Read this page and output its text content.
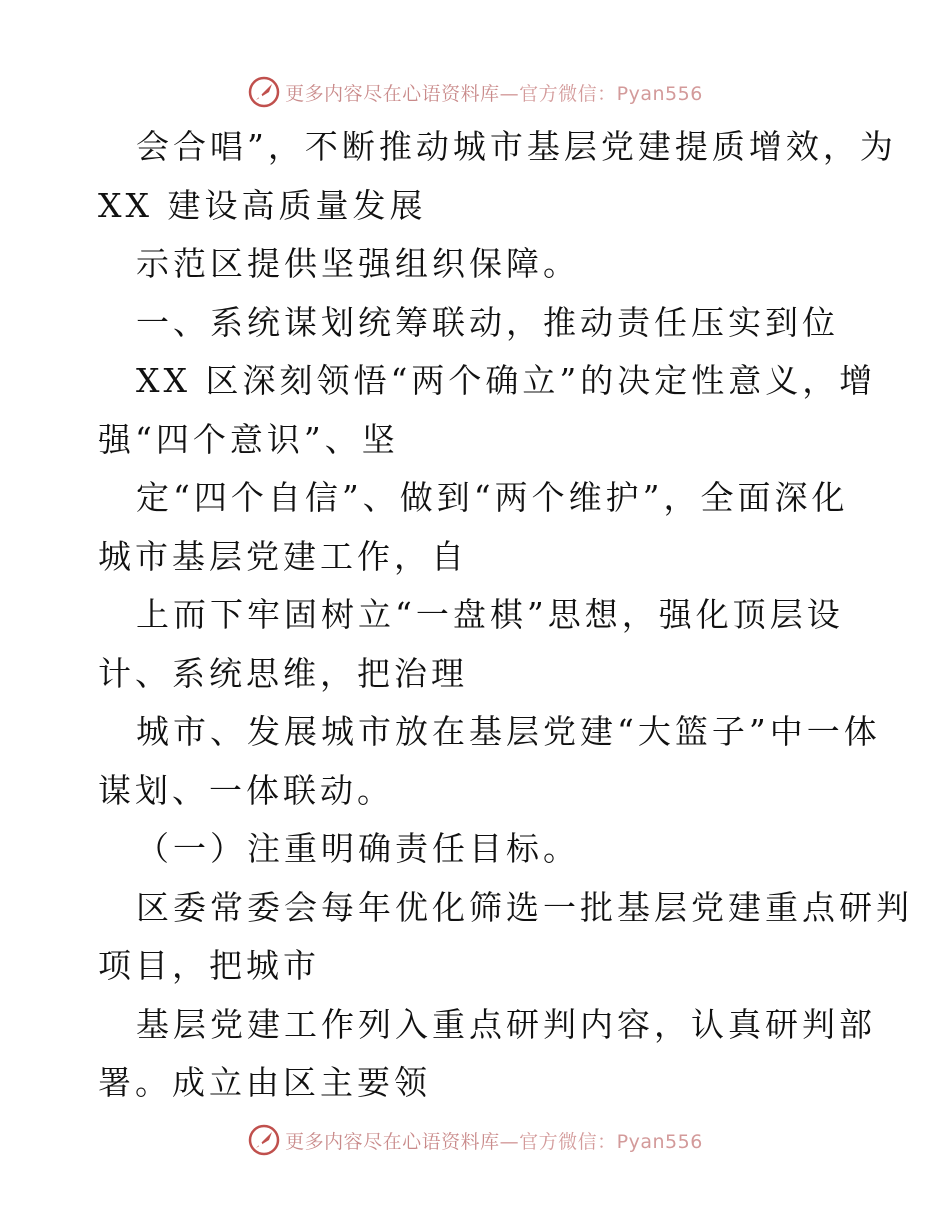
更多内容尽在心语资料库 —官方微信：Pyan556

会合唱”，不断推动城市基层党建提质增效，为

XX 建设高质量发展

示范区提供坚强组织保障。

一、系统谋划统筹联动，推动责任压实到位

XX 区深刻领悟“两个确立”的决定性意义，增

强“四个意识”、坚

定“四个自信”、做到“两个维护”，全面深化

城市基层党建工作，自

上而下牢固树立“一盘棋”思想，强化顶层设

计、系统思维，把治理

城市、发展城市放在基层党建“大篮子”中一体

谋划、一体联动。

（一）注重明确责任目标。

区委常委会每年优化筛选一批基层党建重点研判

项目，把城市

基层党建工作列入重点研判内容，认真研判部

署。成立由区主要领

更多内容尽在心语资料库 —官方微信：Pyan556
